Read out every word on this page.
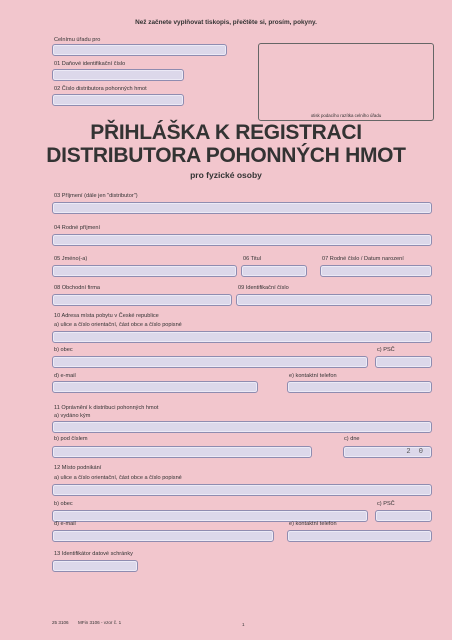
Než začnete vyplňovat tiskopis, přečtěte si, prosím, pokyny.
Celnímu úřadu pro
01 Daňové identifikační číslo
02 Číslo distributora pohonných hmot
otisk podacího razítka celního úřadu
PŘIHLÁŠKA K REGISTRACI
DISTRIBUTORA POHONNÝCH HMOT
pro fyzické osoby
03 Příjmení (dále jen "distributor")
04 Rodné příjmení
05 Jméno(-a)	06 Titul	07 Rodné číslo / Datum narození
08 Obchodní firma	09 Identifikační číslo
10 Adresa místa pobytu v České republice
a) ulice a číslo orientační, část obce a číslo popisné
b) obec	c) PSČ
d) e-mail	e) kontaktní telefon
11 Oprávnění k distribuci pohonných hmot
a) vydáno kým
b) pod číslem	c) dne
2 0
12 Místo podnikání
a) ulice a číslo orientační, část obce a číslo popisné
b) obec	c) PSČ
d) e-mail	e) kontaktní telefon
13 Identifikátor datové schránky
25 3106 MFin 3106 - vzor č. 1	1
